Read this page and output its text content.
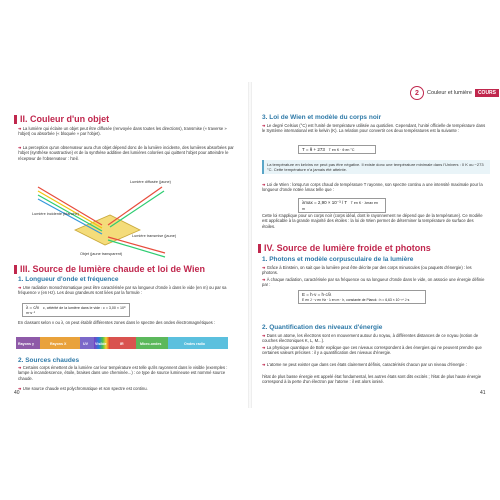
2	Couleur et lumière	COURS
II. Couleur d'un objet
➜ La lumière qui éclaire un objet peut être diffusée (renvoyée dans toutes les directions), transmise (« traverse » l'objet) ou absorbée (« bloquée » par l'objet).
➜ La perception qu'un observateur aura d'un objet dépend donc de la lumière incidente, des lumières absorbées par l'objet (synthèse soustractive) et de la synthèse additive des lumières colorées qui quittent l'objet pour atteindre le récepteur de l'observateur : l'œil.
Lumière incidente (blanche)
Lumière diffusée (jaune)
Lumière transmise (jaune)
Objet (jaune transparent)
III. Source de lumière chaude et loi de Wien
1. Longueur d'onde et fréquence
➜ Une radiation monochromatique peut être caractérisée par sa longueur d'onde λ dans le vide (en m) ou par sa fréquence ν (en Hz). Les deux grandeurs sont liées par la formule :
λ = c/ν c, célérité de la lumière dans le vide : c = 3,00 × 10⁸ m·s⁻¹
En classant selon ν ou λ, on peut établir différentes zones dans le spectre des ondes électromagnétiques :
Rayons γ	Rayons X	UV Visible	IR	Micro-ondes	Ondes radio
2. Sources chaudes
➜ Certains corps émettent de la lumière car leur température est telle qu'ils rayonnent dans le visible (exemples : lampe à incandescence, étoile, braises dans une cheminée...) : ce type de source lumineuse est nommé source chaude.
➜ Une source chaude est polychromatique et son spectre est continu.
40
3. Loi de Wien et modèle du corps noir
➜ Le degré Celsius (°C) est l'unité de température utilisée au quotidien. Cependant, l'unité officielle de température dans le Système international est le kelvin (K). La relation pour convertir ces deux températures est la suivante :
T = θ + 273 T en K · θ en °C
La température en kelvins ne peut pas être négative. Il existe donc une température minimale dans l'Univers : 0 K ou −273 °C. Cette température n'a jamais été atteinte.
➜ Loi de Wien : lorsqu'un corps chaud de température T rayonne, son spectre continu a une intensité maximale pour la longueur d'onde notée λmax telle que :
λmax = 2,90 × 10⁻³ / T T en K · λmax en m
Cette loi s'applique pour un corps noir (corps idéal, dont le rayonnement ne dépend que de la température). Ce modèle est applicable à la grande majorité des étoiles : la loi de Wien permet de déterminer la température de surface des étoiles.
IV. Source de lumière froide et photons
1. Photons et modèle corpusculaire de la lumière
➜ Grâce à Einstein, on sait que la lumière peut être décrite par des corps minuscules (ou paquets d'énergie) : les photons.
➜ À chaque radiation, caractérisée par sa fréquence ou sa longueur d'onde dans le vide, on associe une énergie définie par :
E = h·ν = h·c/λ
E en J · ν en Hz · λ en m · h, constante de Planck : h = 6,63 × 10⁻³⁴ J·s
2. Quantification des niveaux d'énergie
➜ Dans un atome, les électrons sont en mouvement autour du noyau, à différentes distances de ce noyau (notion de couches électroniques K, L, M...).
➜ La physique quantique de Bohr explique que ces niveaux correspondent à des énergies qui ne peuvent prendre que certaines valeurs précises : il y a quantification des niveaux d'énergie.
➜ L'atome ne peut exister que dans ces états clairement définis, caractérisés chacun par un niveau d'énergie :
l'état de plus basse énergie est appelé état fondamental, les autres états sont dits excités ; l'état de plus haute énergie correspond à la perte d'un électron par l'atome : il est alors ionisé.
41
